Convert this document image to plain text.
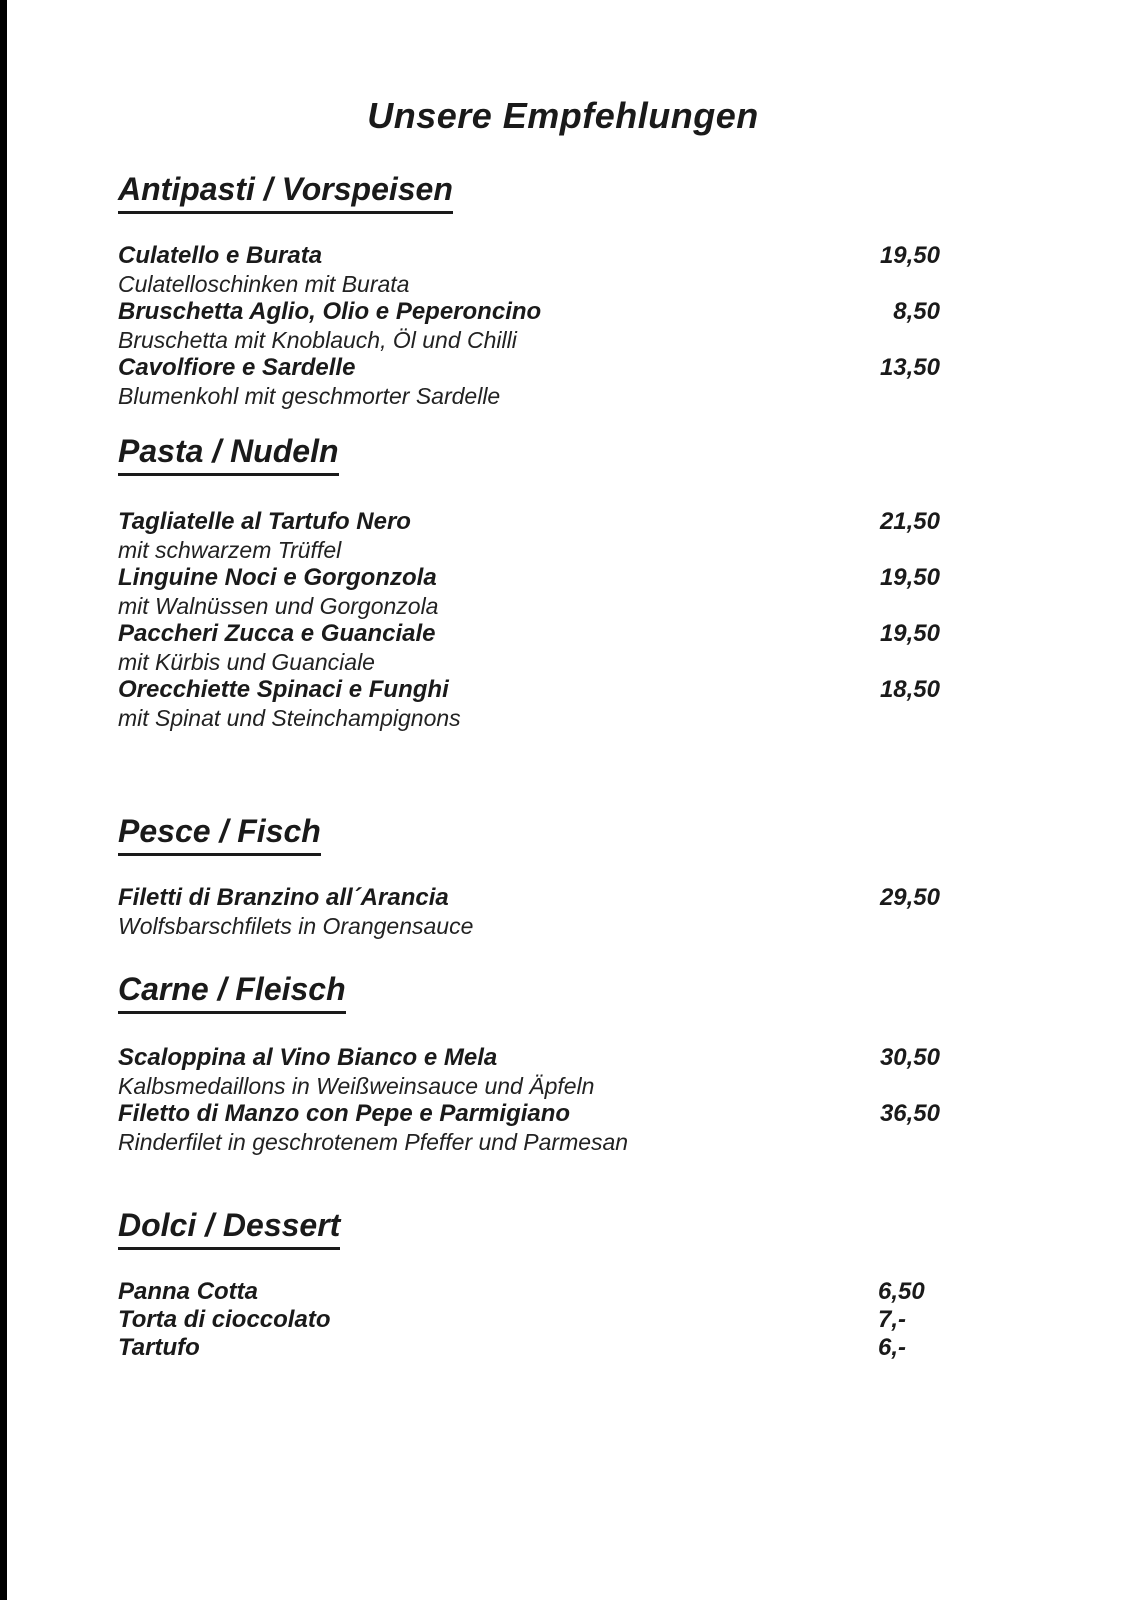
Unsere Empfehlungen
Antipasti / Vorspeisen
Culatello e Burata	19,50
Culatelloschinken mit Burata
Bruschetta Aglio, Olio e Peperoncino	8,50
Bruschetta mit Knoblauch, Öl und Chilli
Cavolfiore e Sardelle	13,50
Blumenkohl mit geschmorter Sardelle
Pasta / Nudeln
Tagliatelle al Tartufo Nero	21,50
mit schwarzem Trüffel
Linguine Noci e Gorgonzola	19,50
mit Walnüssen und Gorgonzola
Paccheri Zucca e Guanciale	19,50
mit Kürbis und Guanciale
Orecchiette Spinaci e Funghi	18,50
mit Spinat und Steinchampignons
Pesce / Fisch
Filetti di Branzino all´Arancia	29,50
Wolfsbarschfilets in Orangensauce
Carne / Fleisch
Scaloppina al Vino Bianco e Mela	30,50
Kalbsmedaillons in Weißweinsauce und Äpfeln
Filetto di Manzo con Pepe e Parmigiano	36,50
Rinderfilet in geschrotenem Pfeffer und Parmesan
Dolci / Dessert
Panna Cotta	6,50
Torta di cioccolato	7,-
Tartufo	6,-
